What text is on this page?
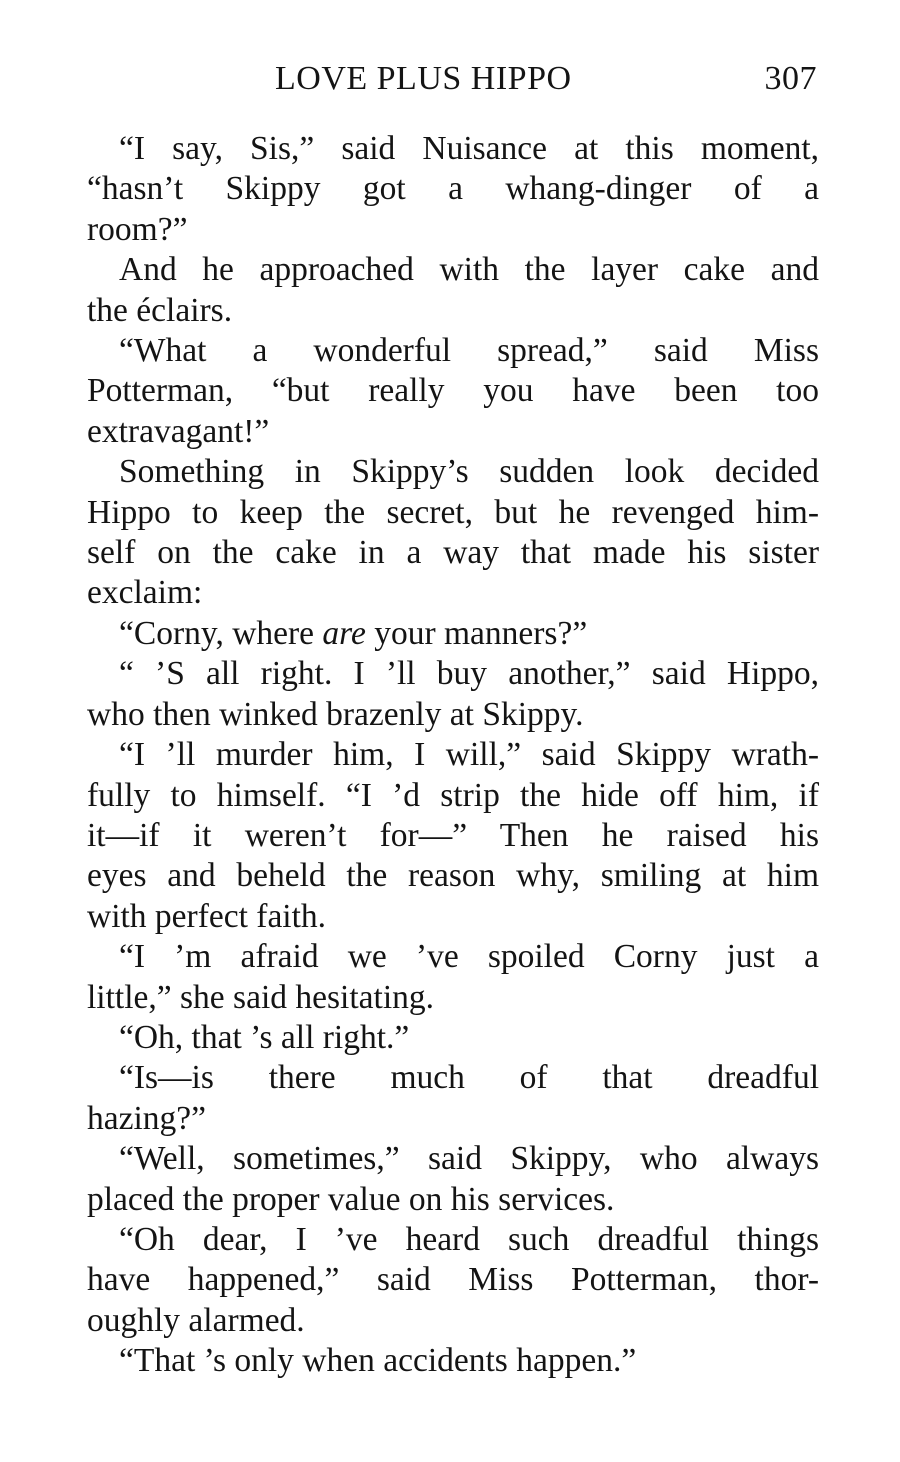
LOVE PLUS HIPPO	307

“I say, Sis,” said Nuisance at this moment,
“hasn’t Skippy got a whang-dinger of a
room?”

And he approached with the layer cake and
the éclairs.

“What a wonderful spread,” said Miss
Potterman, “but really you have been too
extravagant!”

Something in Skippy’s sudden look decided
Hippo to keep the secret, but he revenged him-
self on the cake in a way that made his sister
exclaim:

“Corny, where are your manners?”

“ ’S all right. I ’ll buy another,” said Hippo,
who then winked brazenly at Skippy.

“I ’ll murder him, I will,” said Skippy wrath-
fully to himself. “I ’d strip the hide off him, if
it—if it weren’t for—” Then he raised his
eyes and beheld the reason why, smiling at him
with perfect faith.

“I ’m afraid we ’ve spoiled Corny just a
little,” she said hesitating.

“Oh, that ’s all right.”

“Is—is there much of that dreadful
hazing?”

“Well, sometimes,” said Skippy, who always
placed the proper value on his services.

“Oh dear, I ’ve heard such dreadful things
have happened,” said Miss Potterman, thor-
oughly alarmed.

“That ’s only when accidents happen.”
